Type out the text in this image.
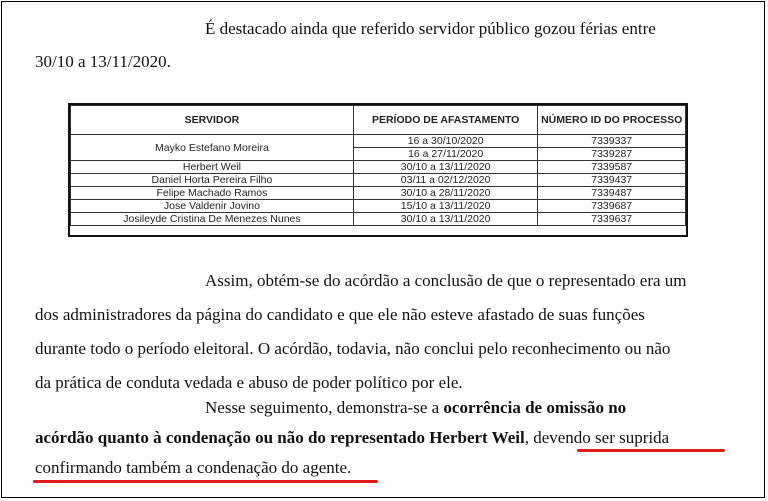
É destacado ainda que referido servidor público gozou férias entre
30/10 a 13/11/2020.
SERVIDOR	PERÍODO DE AFASTAMENTO	NÚMERO ID DO PROCESSO
Mayko Estefano Moreira	16 a 30/10/2020	7339337
	16 a 27/11/2020	7339287
Herbert Weil	30/10 a 13/11/2020	7339587
Daniel Horta Pereira Filho	03/11 a 02/12/2020	7339437
Felipe Machado Ramos	30/10 a 28/11/2020	7339487
Jose Valdenir Jovino	15/10 a 13/11/2020	7339687
Josileyde Cristina De Menezes Nunes	30/10 a 13/11/2020	7339637
Assim, obtém-se do acórdão a conclusão de que o representado era um
dos administradores da página do candidato e que ele não esteve afastado de suas funções
durante todo o período eleitoral. O acórdão, todavia, não conclui pelo reconhecimento ou não
da prática de conduta vedada e abuso de poder político por ele.
Nesse seguimento, demonstra-se a ocorrência de omissão no
acórdão quanto à condenação ou não do representado Herbert Weil, devendo ser suprida
confirmando também a condenação do agente.
